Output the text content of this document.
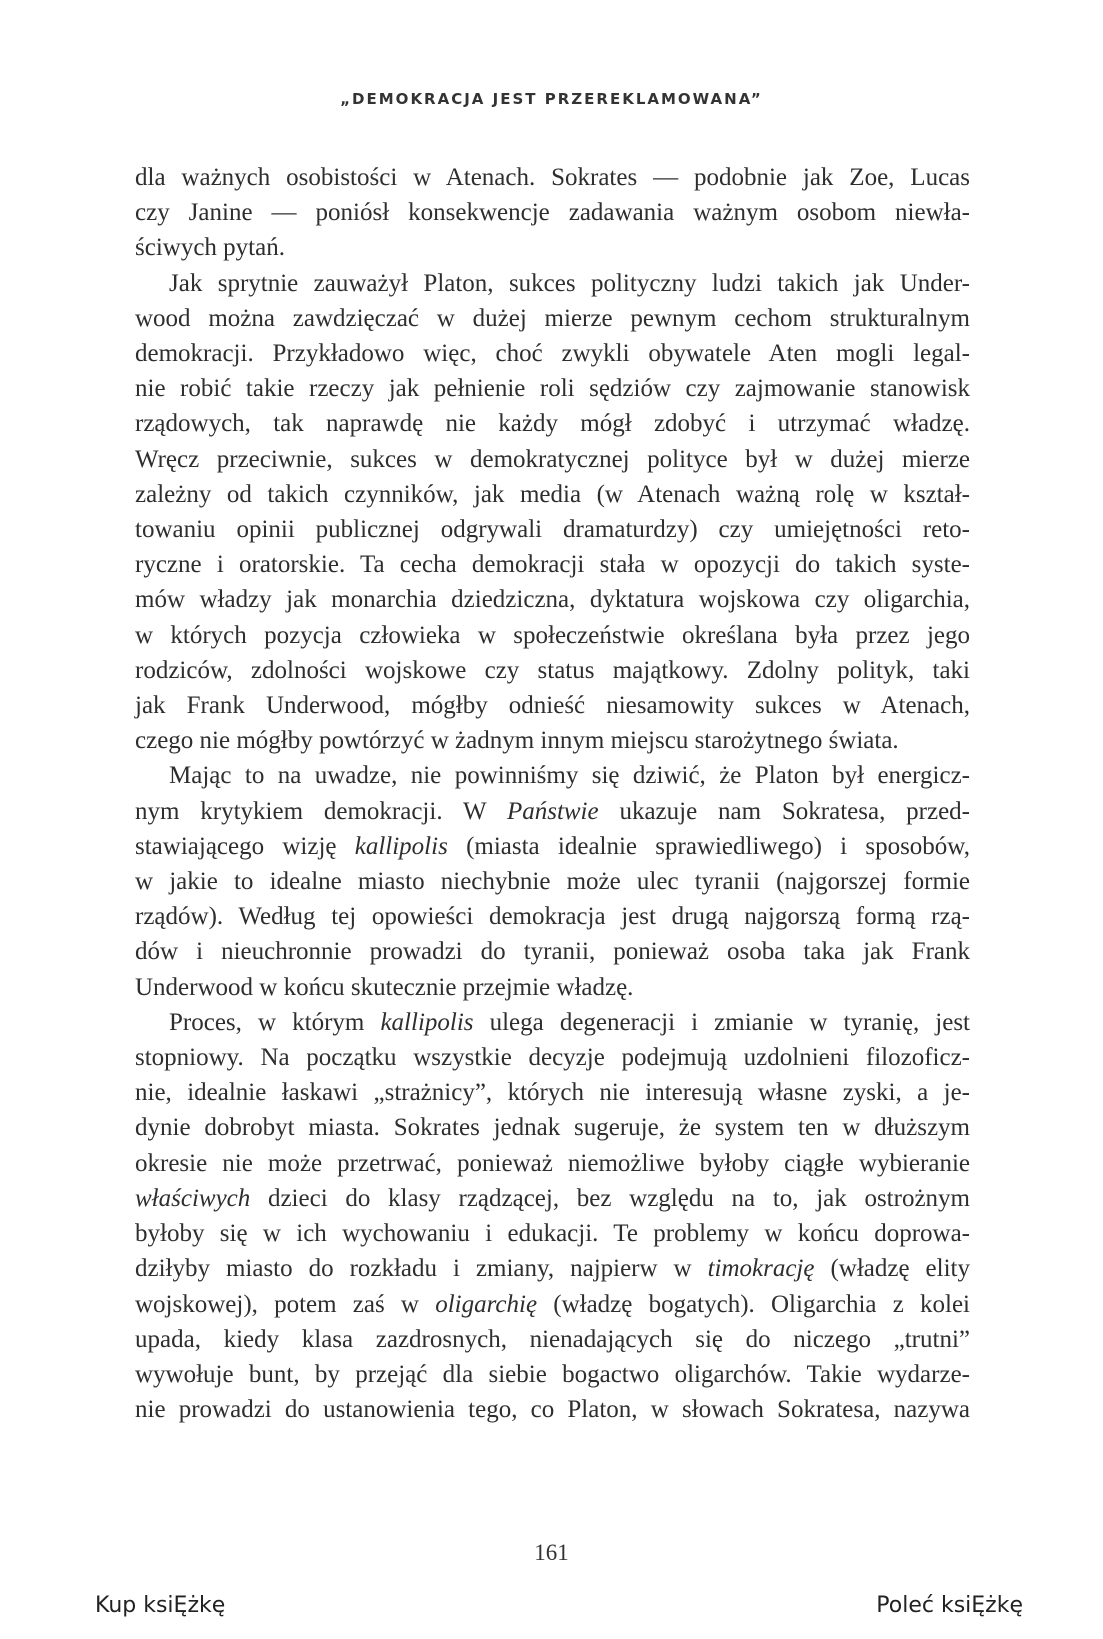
„DEMOKRACJA JEST PRZEREKLAMOWANA”

dla ważnych osobistości w Atenach. Sokrates — podobnie jak Zoe, Lucas
czy Janine — poniósł konsekwencje zadawania ważnym osobom niewła-
ściwych pytań.

Jak sprytnie zauważył Platon, sukces polityczny ludzi takich jak Under-
wood można zawdzięczać w dużej mierze pewnym cechom strukturalnym
demokracji. Przykładowo więc, choć zwykli obywatele Aten mogli legal-
nie robić takie rzeczy jak pełnienie roli sędziów czy zajmowanie stanowisk
rządowych, tak naprawdę nie każdy mógł zdobyć i utrzymać władzę.
Wręcz przeciwnie, sukces w demokratycznej polityce był w dużej mierze
zależny od takich czynników, jak media (w Atenach ważną rolę w kształ-
towaniu opinii publicznej odgrywali dramaturdzy) czy umiejętności reto-
ryczne i oratorskie. Ta cecha demokracji stała w opozycji do takich syste-
mów władzy jak monarchia dziedziczna, dyktatura wojskowa czy oligarchia,
w których pozycja człowieka w społeczeństwie określana była przez jego
rodziców, zdolności wojskowe czy status majątkowy. Zdolny polityk, taki
jak Frank Underwood, mógłby odnieść niesamowity sukces w Atenach,
czego nie mógłby powtórzyć w żadnym innym miejscu starożytnego świata.

Mając to na uwadze, nie powinniśmy się dziwić, że Platon był energicz-
nym krytykiem demokracji. W Państwie ukazuje nam Sokratesa, przed-
stawiającego wizję kallipolis (miasta idealnie sprawiedliwego) i sposobów,
w jakie to idealne miasto niechybnie może ulec tyranii (najgorszej formie
rządów). Według tej opowieści demokracja jest drugą najgorszą formą rzą-
dów i nieuchronnie prowadzi do tyranii, ponieważ osoba taka jak Frank
Underwood w końcu skutecznie przejmie władzę.

Proces, w którym kallipolis ulega degeneracji i zmianie w tyranię, jest
stopniowy. Na początku wszystkie decyzje podejmują uzdolnieni filozoficz-
nie, idealnie łaskawi „strażnicy”, których nie interesują własne zyski, a je-
dynie dobrobyt miasta. Sokrates jednak sugeruje, że system ten w dłuższym
okresie nie może przetrwać, ponieważ niemożliwe byłoby ciągłe wybieranie
właściwych dzieci do klasy rządzącej, bez względu na to, jak ostrożnym
byłoby się w ich wychowaniu i edukacji. Te problemy w końcu doprowa-
dziłyby miasto do rozkładu i zmiany, najpierw w timokrację (władzę elity
wojskowej), potem zaś w oligarchię (władzę bogatych). Oligarchia z kolei
upada, kiedy klasa zazdrosnych, nienadających się do niczego „trutni”
wywołuje bunt, by przejąć dla siebie bogactwo oligarchów. Takie wydarze-
nie prowadzi do ustanowienia tego, co Platon, w słowach Sokratesa, nazywa

161
Kup ksiĘżkę	Poleć ksiĘżkę
